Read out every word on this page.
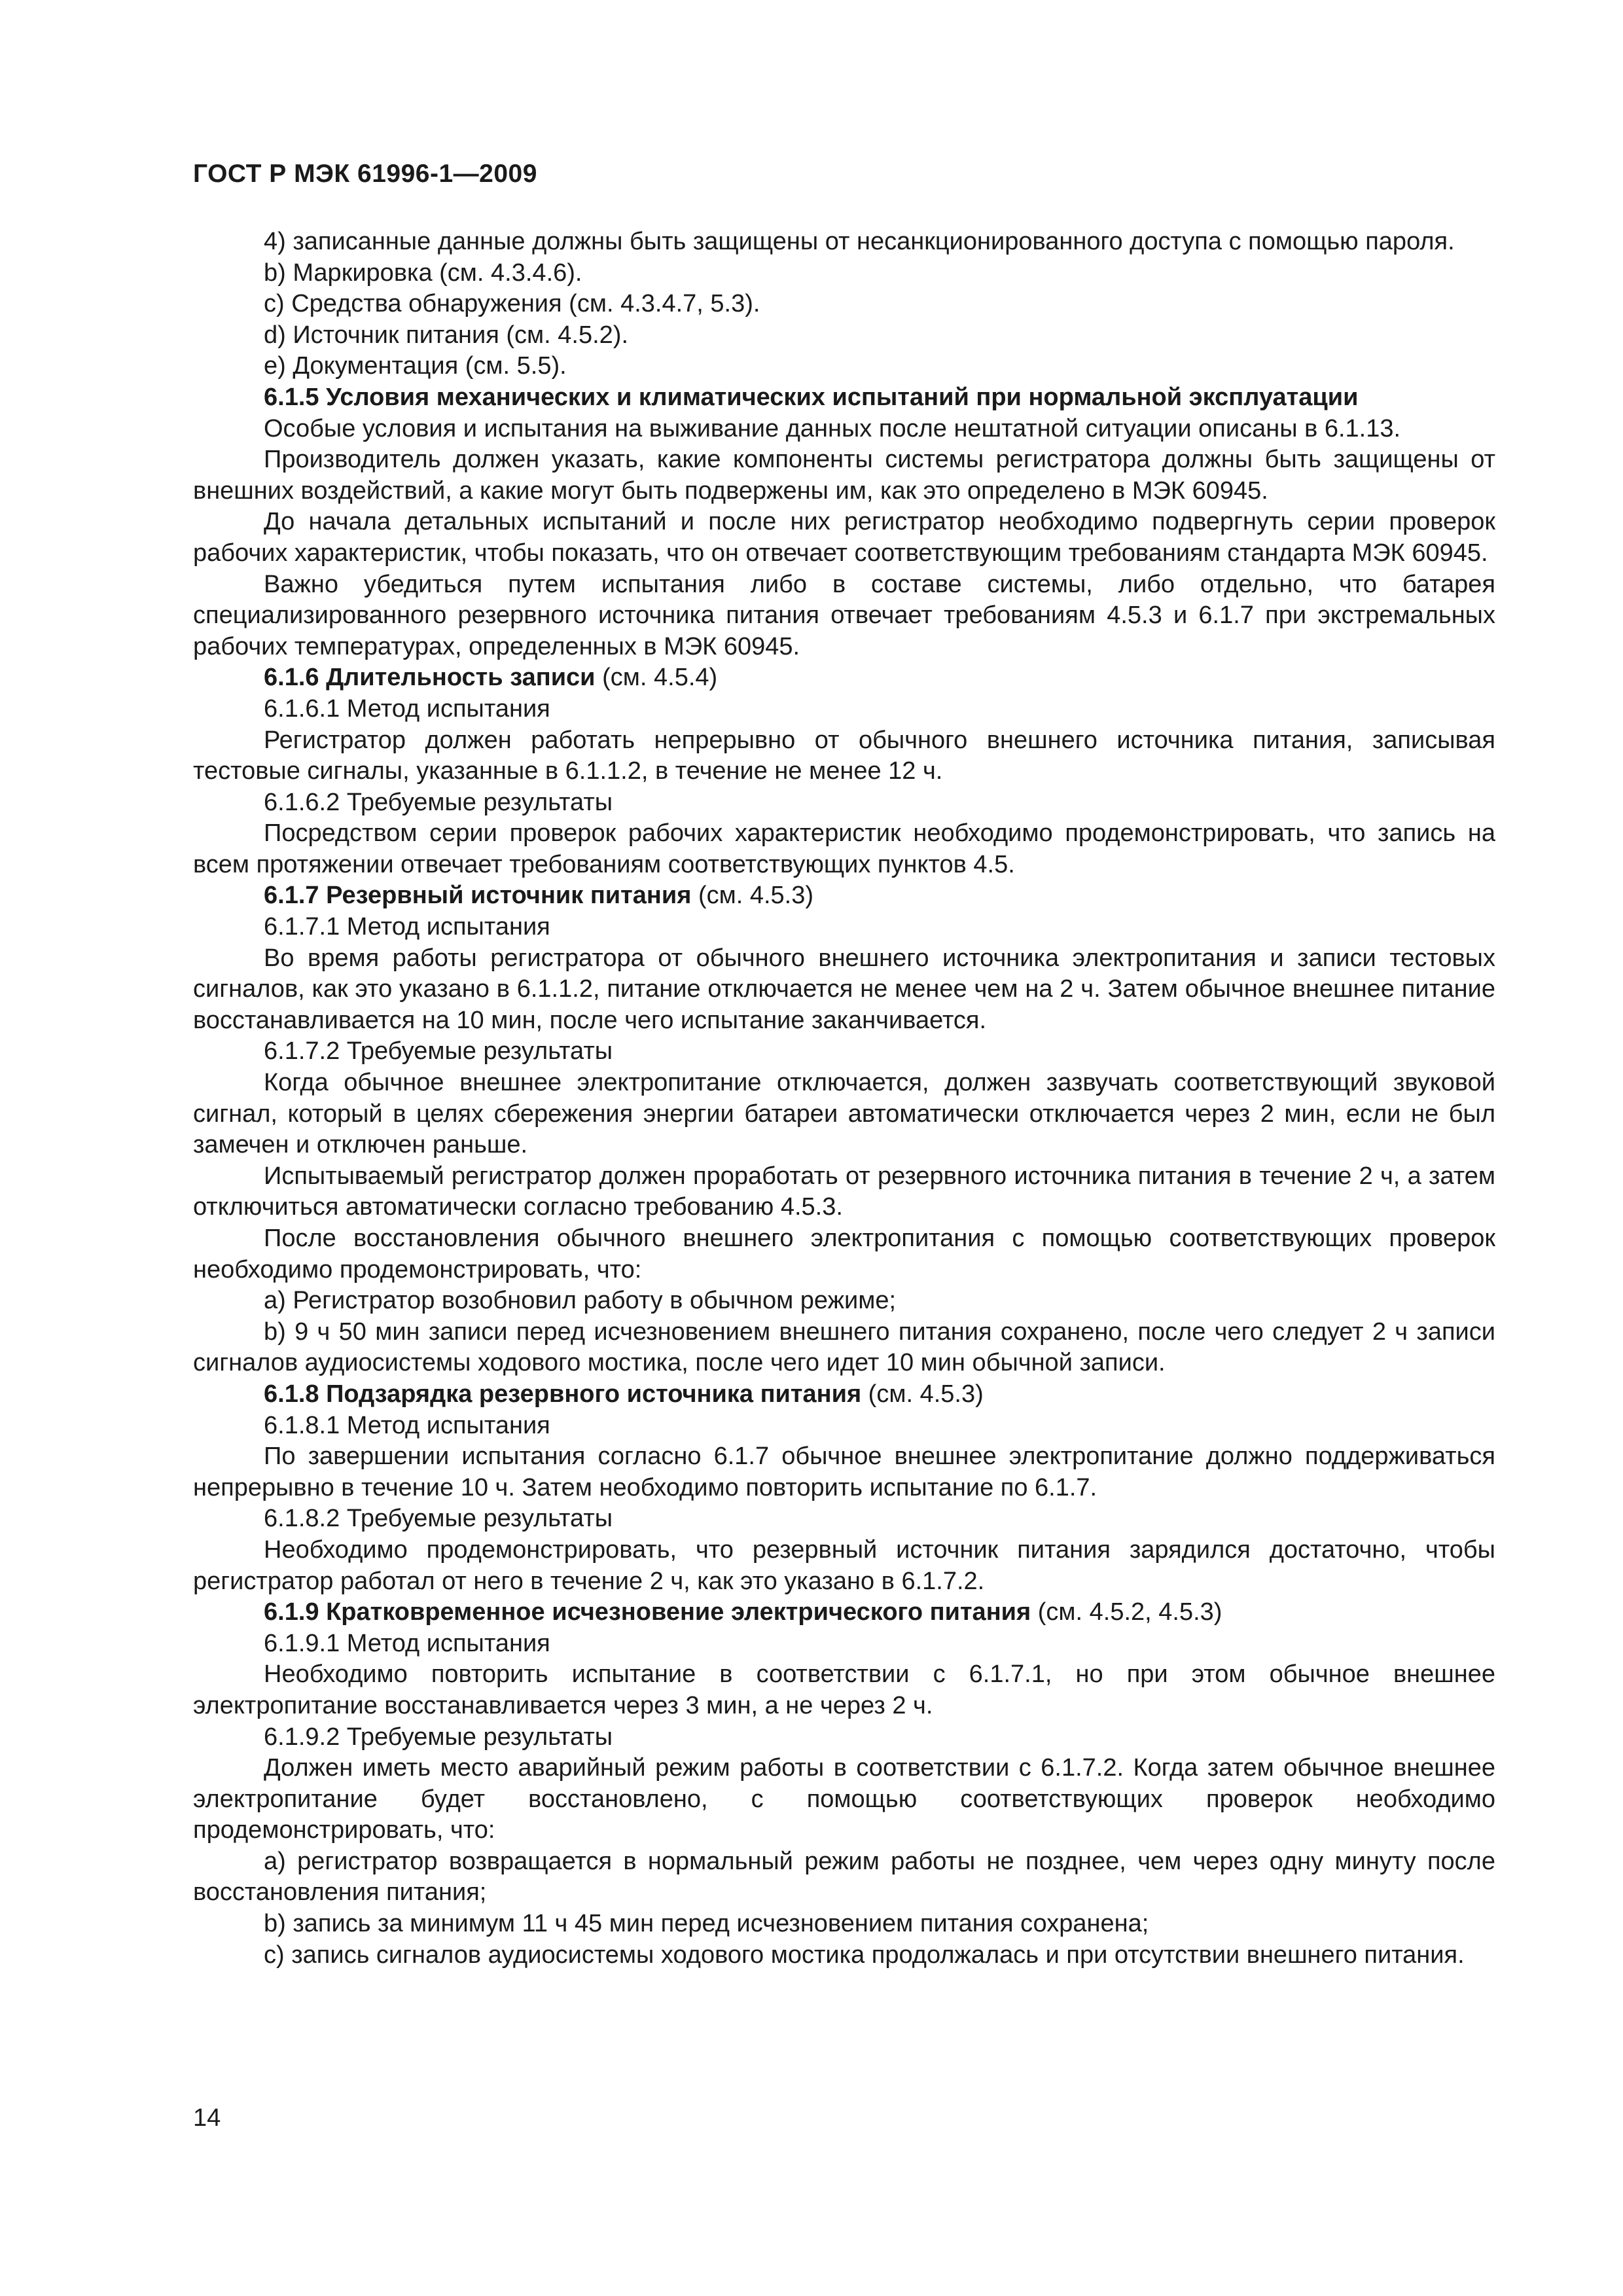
ГОСТ Р МЭК 61996-1—2009

4) записанные данные должны быть защищены от несанкционированного доступа с помощью пароля.

b) Маркировка (см. 4.3.4.6).

c) Средства обнаружения (см. 4.3.4.7, 5.3).

d) Источник питания (см. 4.5.2).

e) Документация (см. 5.5).

6.1.5 Условия механических и климатических испытаний при нормальной эксплуатации

Особые условия и испытания на выживание данных после нештатной ситуации описаны в 6.1.13.

Производитель должен указать, какие компоненты системы регистратора должны быть защищены от внешних воздействий, а какие могут быть подвержены им, как это определено в МЭК 60945.

До начала детальных испытаний и после них регистратор необходимо подвергнуть серии проверок рабочих характеристик, чтобы показать, что он отвечает соответствующим требованиям стандарта МЭК 60945.

Важно убедиться путем испытания либо в составе системы, либо отдельно, что батарея специализированного резервного источника питания отвечает требованиям 4.5.3 и 6.1.7 при экстремальных рабочих температурах, определенных в МЭК 60945.

6.1.6 Длительность записи (см. 4.5.4)

6.1.6.1 Метод испытания

Регистратор должен работать непрерывно от обычного внешнего источника питания, записывая тестовые сигналы, указанные в 6.1.1.2, в течение не менее 12 ч.

6.1.6.2 Требуемые результаты

Посредством серии проверок рабочих характеристик необходимо продемонстрировать, что запись на всем протяжении отвечает требованиям соответствующих пунктов 4.5.

6.1.7 Резервный источник питания (см. 4.5.3)

6.1.7.1 Метод испытания

Во время работы регистратора от обычного внешнего источника электропитания и записи тестовых сигналов, как это указано в 6.1.1.2, питание отключается не менее чем на 2 ч. Затем обычное внешнее питание восстанавливается на 10 мин, после чего испытание заканчивается.

6.1.7.2 Требуемые результаты

Когда обычное внешнее электропитание отключается, должен зазвучать соответствующий звуковой сигнал, который в целях сбережения энергии батареи автоматически отключается через 2 мин, если не был замечен и отключен раньше.

Испытываемый регистратор должен проработать от резервного источника питания в течение 2 ч, а затем отключиться автоматически согласно требованию 4.5.3.

После восстановления обычного внешнего электропитания с помощью соответствующих проверок необходимо продемонстрировать, что:

a) Регистратор возобновил работу в обычном режиме;

b) 9 ч 50 мин записи перед исчезновением внешнего питания сохранено, после чего следует 2 ч записи сигналов аудиосистемы ходового мостика, после чего идет 10 мин обычной записи.

6.1.8 Подзарядка резервного источника питания (см. 4.5.3)

6.1.8.1 Метод испытания

По завершении испытания согласно 6.1.7 обычное внешнее электропитание должно поддерживаться непрерывно в течение 10 ч. Затем необходимо повторить испытание по 6.1.7.

6.1.8.2 Требуемые результаты

Необходимо продемонстрировать, что резервный источник питания зарядился достаточно, чтобы регистратор работал от него в течение 2 ч, как это указано в 6.1.7.2.

6.1.9 Кратковременное исчезновение электрического питания (см. 4.5.2, 4.5.3)

6.1.9.1 Метод испытания

Необходимо повторить испытание в соответствии с 6.1.7.1, но при этом обычное внешнее электропитание восстанавливается через 3 мин, а не через 2 ч.

6.1.9.2 Требуемые результаты

Должен иметь место аварийный режим работы в соответствии с 6.1.7.2. Когда затем обычное внешнее электропитание будет восстановлено, с помощью соответствующих проверок необходимо продемонстрировать, что:

a) регистратор возвращается в нормальный режим работы не позднее, чем через одну минуту после восстановления питания;

b) запись за минимум 11 ч 45 мин перед исчезновением питания сохранена;

c) запись сигналов аудиосистемы ходового мостика продолжалась и при отсутствии внешнего питания.

14
